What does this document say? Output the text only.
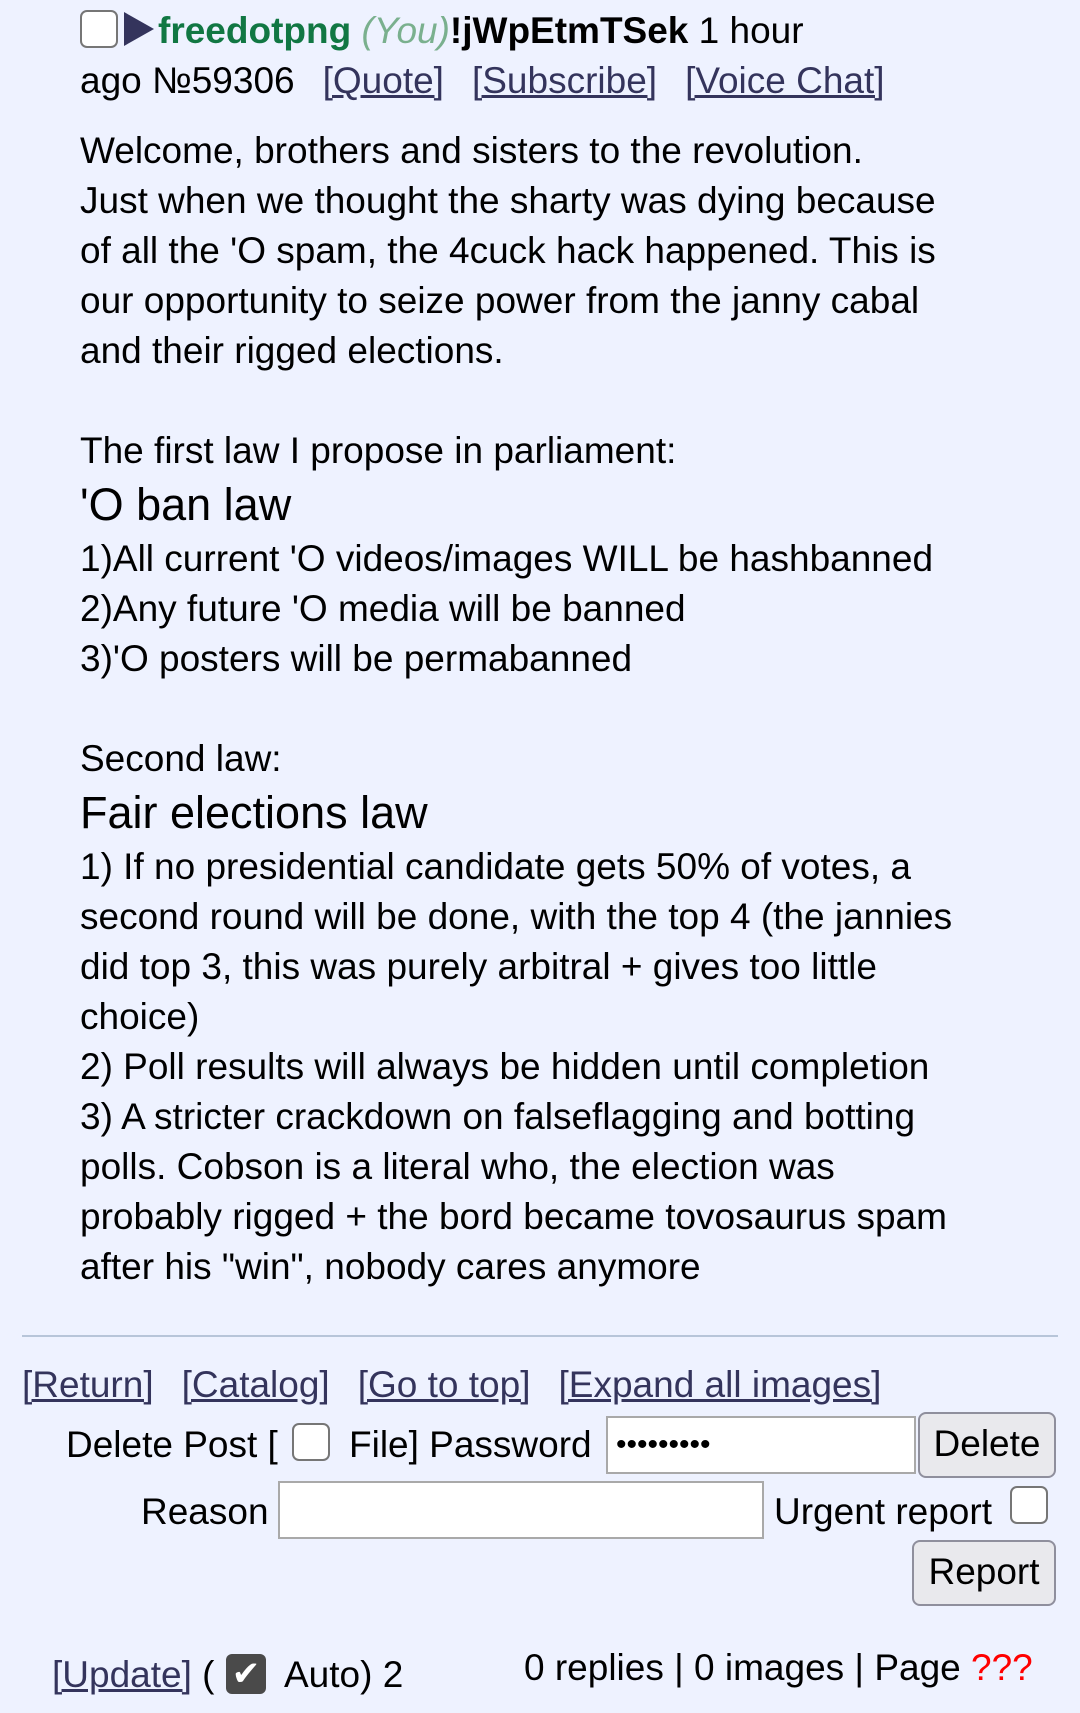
freedotpng (You)!jWpEtmTSek 1 hour
ago №59306 [Quote] [Subscribe] [Voice Chat]
Welcome, brothers and sisters to the revolution.
Just when we thought the sharty was dying because
of all the 'O spam, the 4cuck hack happened. This is
our opportunity to seize power from the janny cabal
and their rigged elections.
The first law I propose in parliament:
'O ban law
1)All current 'O videos/images WILL be hashbanned
2)Any future 'O media will be banned
3)'O posters will be permabanned
Second law:
Fair elections law
1) If no presidential candidate gets 50% of votes, a
second round will be done, with the top 4 (the jannies
did top 3, this was purely arbitral + gives too little
choice)
2) Poll results will always be hidden until completion
3) A stricter crackdown on falseflagging and botting
polls. Cobson is a literal who, the election was
probably rigged + the bord became tovosaurus spam
after his "win", nobody cares anymore
[Return] [Catalog] [Go to top] [Expand all images]
Delete Post [ File] Password •••••••••	Delete
Reason	Urgent report
Report
[Update] ( ✔ Auto) 2	0 replies | 0 images | Page ???
